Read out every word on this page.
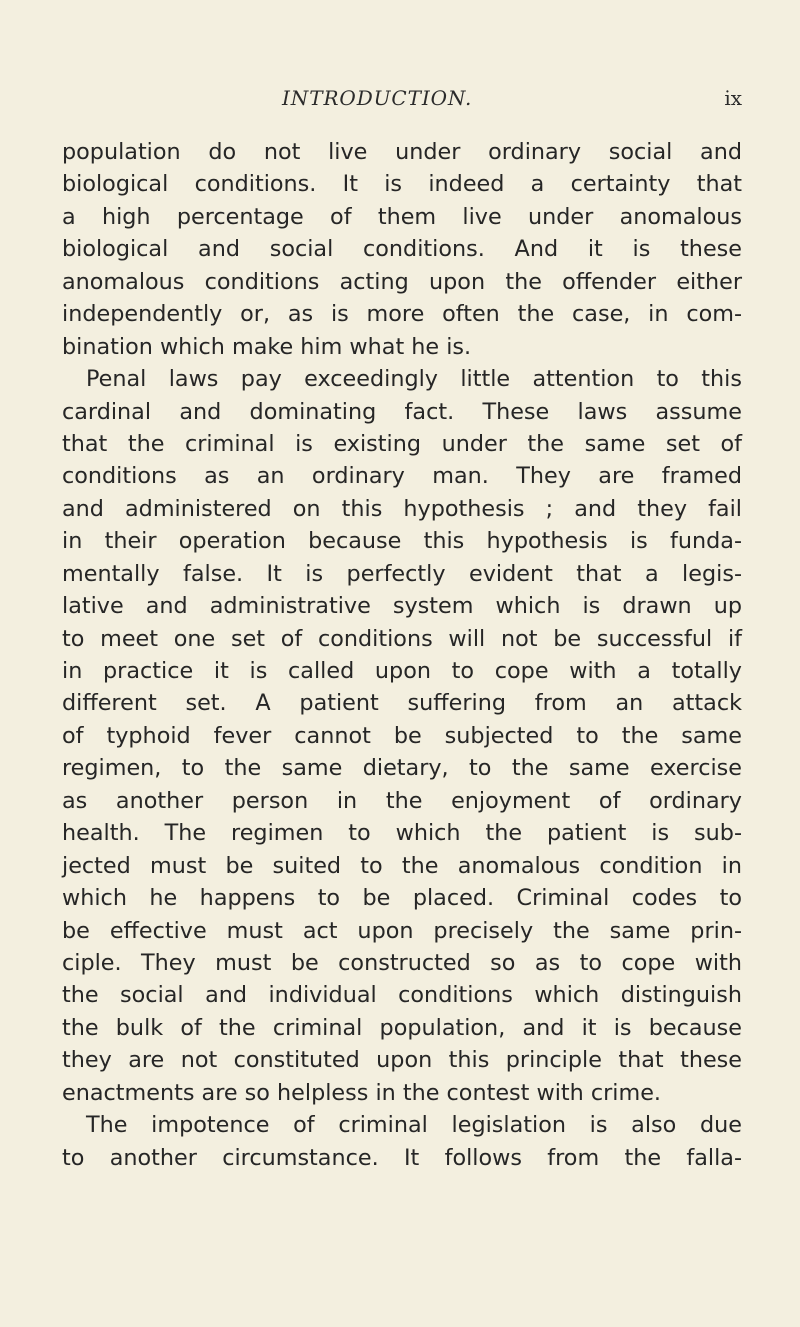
INTRODUCTION.	ix
population do not live under ordinary social and
biological conditions. It is indeed a certainty that
a high percentage of them live under anomalous
biological and social conditions. And it is these
anomalous conditions acting upon the offender either
independently or, as is more often the case, in com-
bination which make him what he is.
Penal laws pay exceedingly little attention to this
cardinal and dominating fact. These laws assume
that the criminal is existing under the same set of
conditions as an ordinary man. They are framed
and administered on this hypothesis ; and they fail
in their operation because this hypothesis is funda-
mentally false. It is perfectly evident that a legis-
lative and administrative system which is drawn up
to meet one set of conditions will not be successful if
in practice it is called upon to cope with a totally
different set. A patient suffering from an attack
of typhoid fever cannot be subjected to the same
regimen, to the same dietary, to the same exercise
as another person in the enjoyment of ordinary
health. The regimen to which the patient is sub-
jected must be suited to the anomalous condition in
which he happens to be placed. Criminal codes to
be effective must act upon precisely the same prin-
ciple. They must be constructed so as to cope with
the social and individual conditions which distinguish
the bulk of the criminal population, and it is because
they are not constituted upon this principle that these
enactments are so helpless in the contest with crime.
The impotence of criminal legislation is also due
to another circumstance. It follows from the falla-
